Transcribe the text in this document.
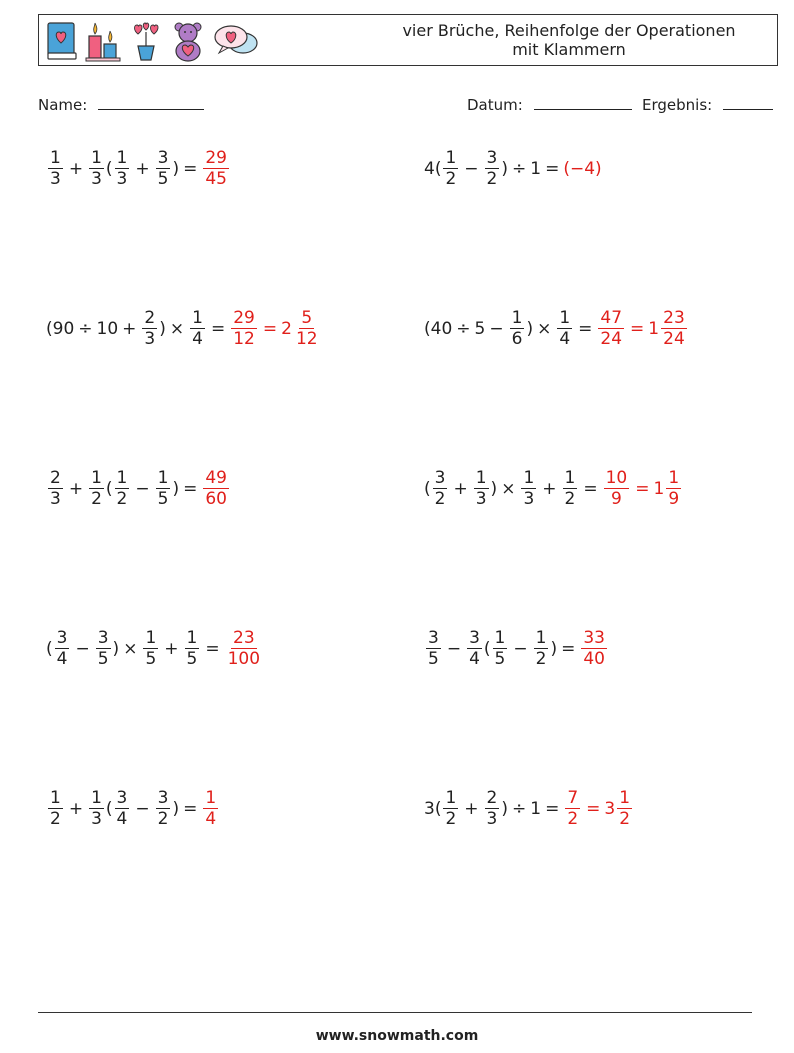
vier Brüche, Reihenfolge der Operationen
mit Klammern
Name:	Datum:	Ergebnis:
$\frac{1}{3} + \frac{1}{3}$ ( $\frac{1}{3} + \frac{3}{5}$ ) = $\frac{29}{45}$	4 ( $\frac{1}{2} - \frac{3}{2}$ ) ÷ 1 = (−4)
( $90 \div 10 + \frac{2}{3}$ ) × $\frac{1}{4} = \frac{29}{12} = 2 \frac{5}{12}$	( $40 \div 5 - \frac{1}{6}$ ) × $\frac{1}{4} = \frac{47}{24} = 1 \frac{23}{24}$
$\frac{2}{3} + \frac{1}{2}$ ( $\frac{1}{2} - \frac{1}{5}$ ) = $\frac{49}{60}$	( $\frac{3}{2} + \frac{1}{3}$ ) × $\frac{1}{3} + \frac{1}{2} = \frac{10}{9} = 1 \frac{1}{9}$
( $\frac{3}{4} - \frac{3}{5}$ ) × $\frac{1}{5} + \frac{1}{5} = \frac{23}{100}$	$\frac{3}{5} - \frac{3}{4}$ ( $\frac{1}{5} - \frac{1}{2}$ ) = $\frac{33}{40}$
$\frac{1}{2} + \frac{1}{3}$ ( $\frac{3}{4} - \frac{3}{2}$ ) = $\frac{1}{4}$	3 ( $\frac{1}{2} + \frac{2}{3}$ ) ÷ $1 = \frac{7}{2} = 3 \frac{1}{2}$
www.snowmath.com
